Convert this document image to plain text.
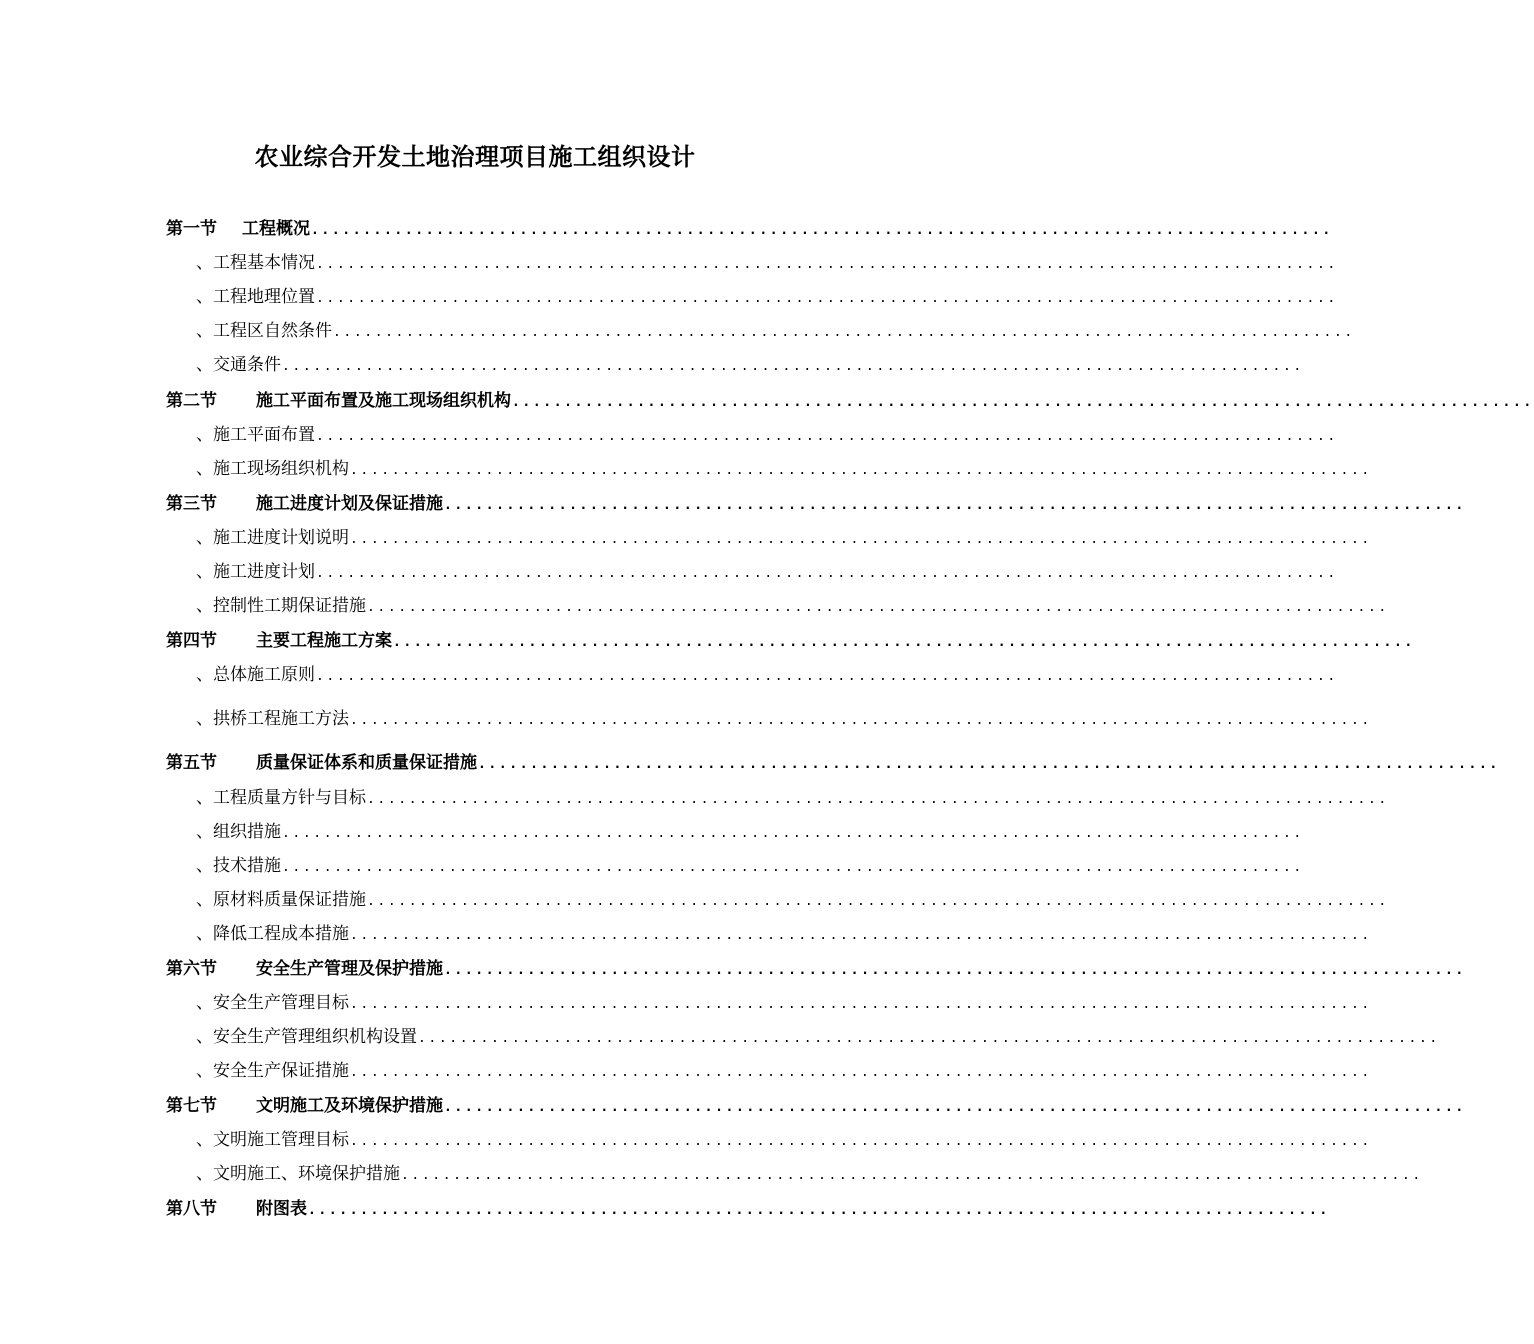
农业综合开发土地治理项目施工组织设计
第一节	工程概况 ..................................................................................................
、 工程基本情况 ..................................................................................................
、 工程地理位置 ..................................................................................................
、 工程区自然条件 ..................................................................................................
、 交通条件 ..................................................................................................
第二节	施工平面布置及施工现场组织机构 ..................................................................................................
、 施工平面布置 ..................................................................................................
、 施工现场组织机构 ..................................................................................................
第三节	施工进度计划及保证措施 ..................................................................................................
、 施工进度计划说明 ..................................................................................................
、 施工进度计划 ..................................................................................................
、 控制性工期保证措施 ..................................................................................................
第四节	主要工程施工方案 ..................................................................................................
、 总体施工原则 ..................................................................................................
、 拱桥工程施工方法 ..................................................................................................
第五节	质量保证体系和质量保证措施 ..................................................................................................
、 工程质量方针与目标 ..................................................................................................
、 组织措施 ..................................................................................................
、 技术措施 ..................................................................................................
、 原材料质量保证措施 ..................................................................................................
、 降低工程成本措施 ..................................................................................................
第六节	安全生产管理及保护措施 ..................................................................................................
、 安全生产管理目标 ..................................................................................................
、 安全生产管理组织机构设置 ..................................................................................................
、 安全生产保证措施 ..................................................................................................
第七节	文明施工及环境保护措施 ..................................................................................................
、 文明施工管理目标 ..................................................................................................
、 文明施工、环境保护措施 ..................................................................................................
第八节	附图表 ..................................................................................................
